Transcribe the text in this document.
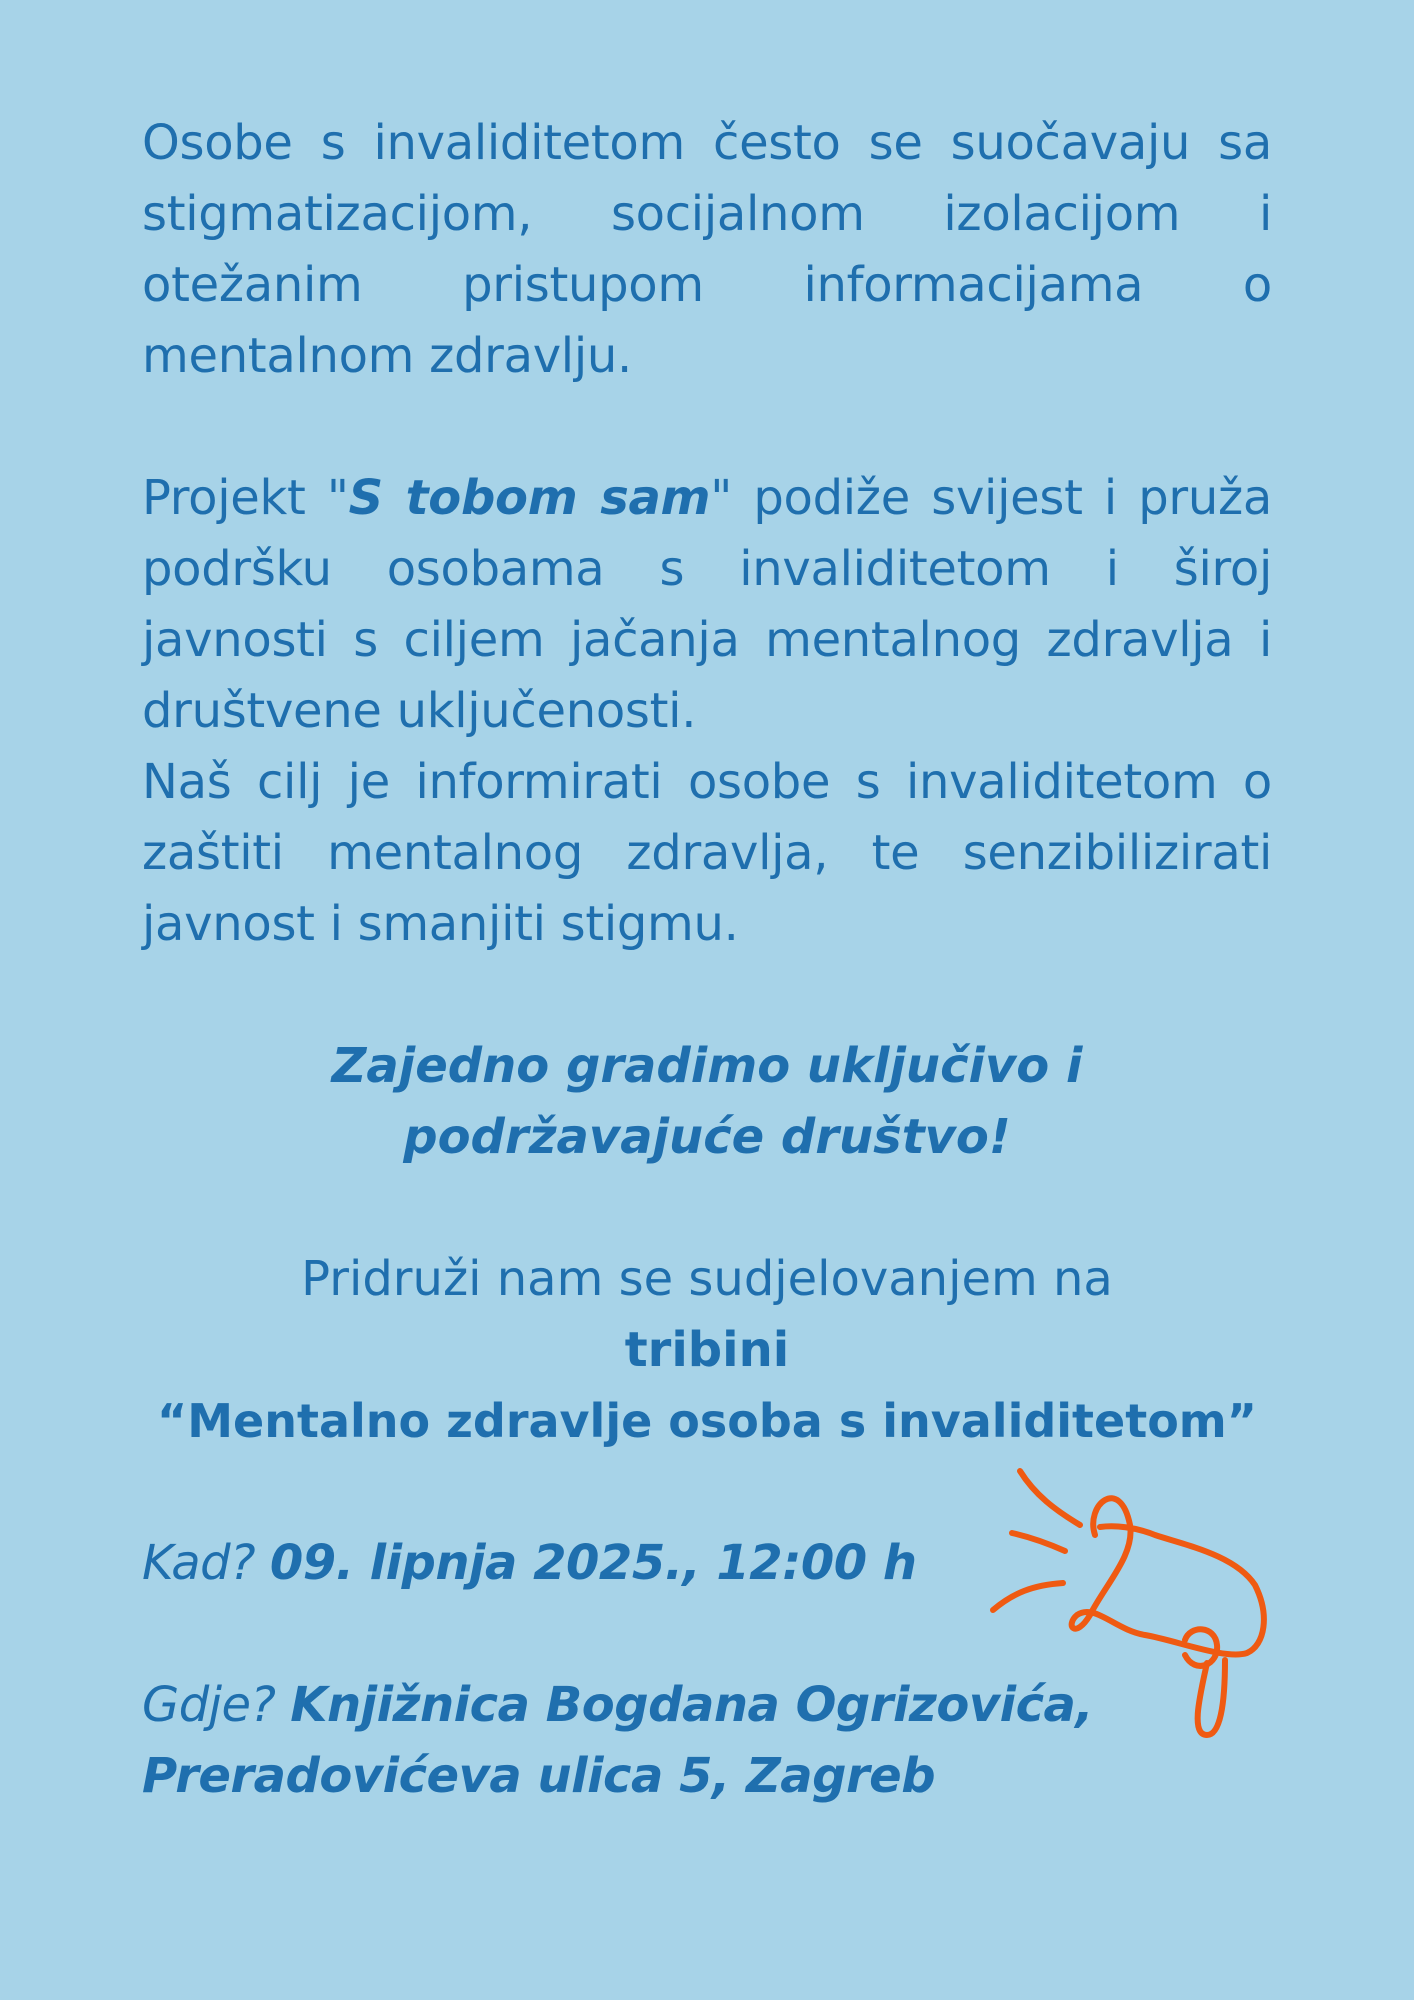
Osobe s invaliditetom često se suočavaju sa stigmatizacijom, socijalnom izolacijom i otežanim pristupom informacijama o mentalnom zdravlju.

Projekt "S tobom sam" podiže svijest i pruža podršku osobama s invaliditetom i široj javnosti s ciljem jačanja mentalnog zdravlja i društvene uključenosti.

Naš cilj je informirati osobe s invaliditetom o zaštiti mentalnog zdravlja, te senzibilizirati javnost i smanjiti stigmu.

Zajedno gradimo uključivo i podržavajuće društvo!

Pridruži nam se sudjelovanjem na

tribini

“Mentalno zdravlje osoba s invaliditetom”

Kad? 09. lipnja 2025., 12:00 h

Gdje? Knjižnica Bogdana Ogrizovića,

Preradovićeva ulica 5, Zagreb
